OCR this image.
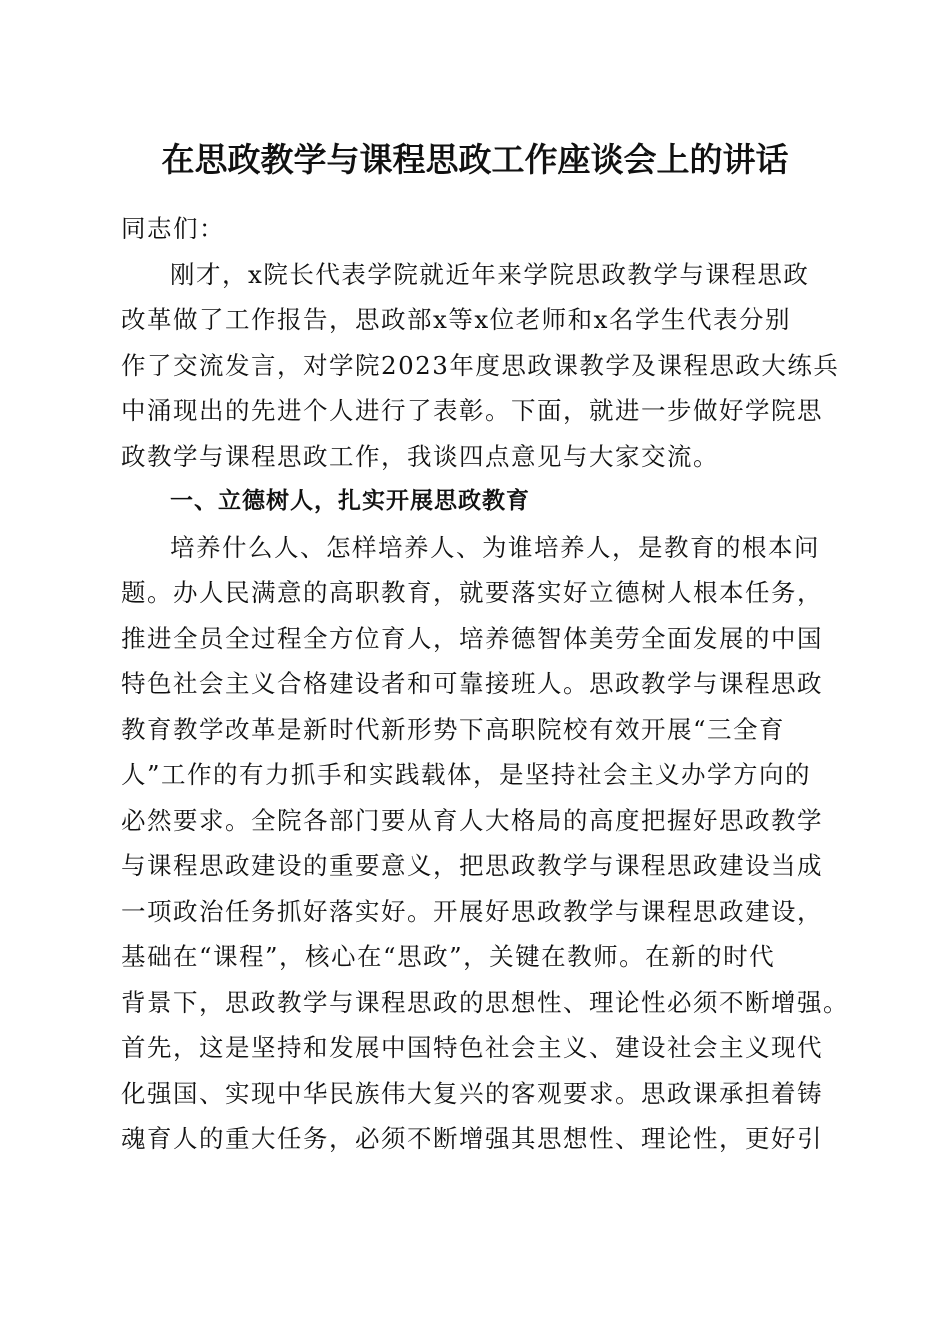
在思政教学与课程思政工作座谈会上的讲话
同志们：
刚才，x院长代表学院就近年来学院思政教学与课程思政
改革做了工作报告，思政部x等x位老师和x名学生代表分别
作了交流发言，对学院2023年度思政课教学及课程思政大练兵
中涌现出的先进个人进行了表彰。下面，就进一步做好学院思
政教学与课程思政工作，我谈四点意见与大家交流。
一、立德树人，扎实开展思政教育
培养什么人、怎样培养人、为谁培养人，是教育的根本问
题。办人民满意的高职教育，就要落实好立德树人根本任务，
推进全员全过程全方位育人，培养德智体美劳全面发展的中国
特色社会主义合格建设者和可靠接班人。思政教学与课程思政
教育教学改革是新时代新形势下高职院校有效开展“三全育
人”工作的有力抓手和实践载体，是坚持社会主义办学方向的
必然要求。全院各部门要从育人大格局的高度把握好思政教学
与课程思政建设的重要意义，把思政教学与课程思政建设当成
一项政治任务抓好落实好。开展好思政教学与课程思政建设，
基础在“课程”，核心在“思政”，关键在教师。在新的时代
背景下，思政教学与课程思政的思想性、理论性必须不断增强。
首先，这是坚持和发展中国特色社会主义、建设社会主义现代
化强国、实现中华民族伟大复兴的客观要求。思政课承担着铸
魂育人的重大任务，必须不断增强其思想性、理论性，更好引
